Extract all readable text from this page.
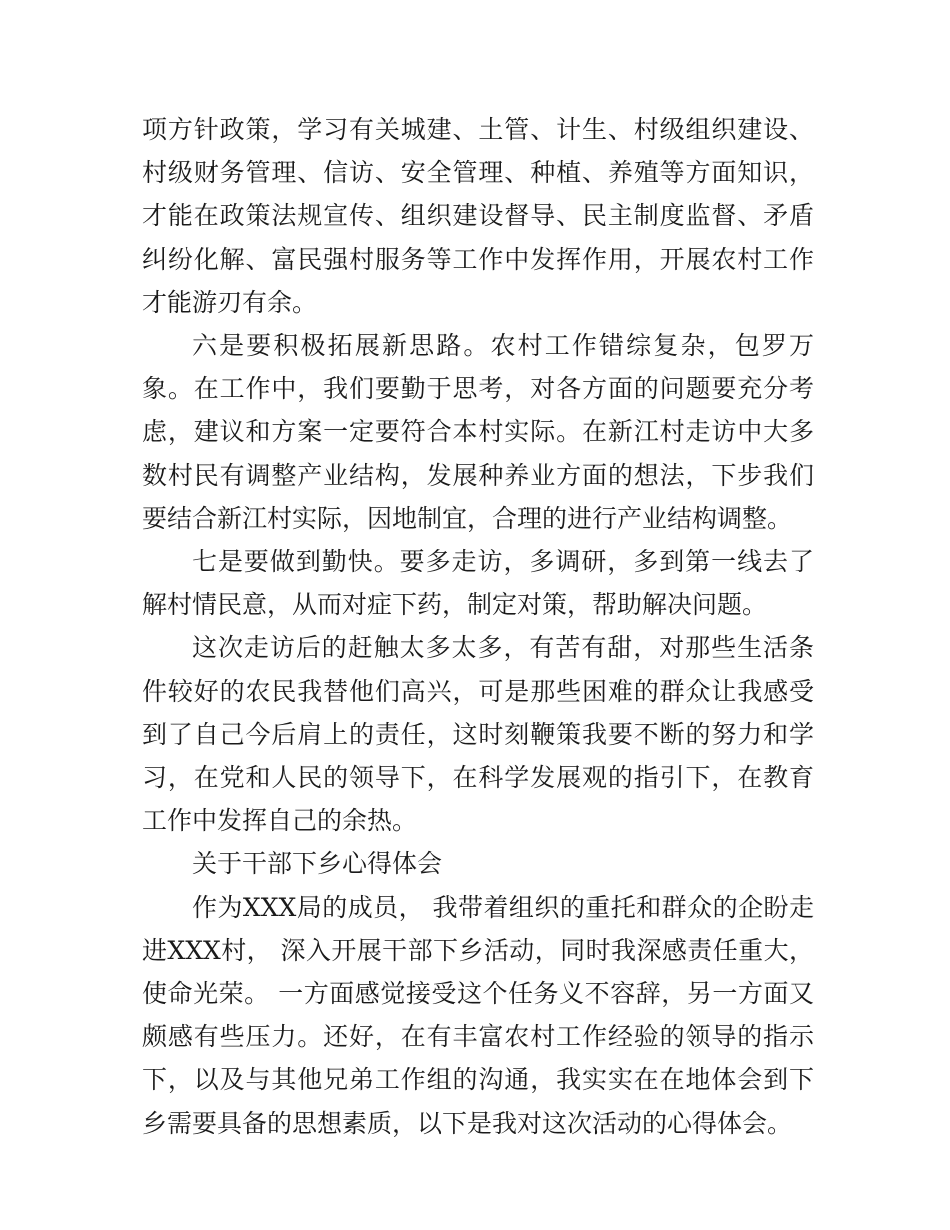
项方针政策，学习有关城建、土管、计生、村级组织建设、村级财务管理、信访、安全管理、种植、养殖等方面知识，才能在政策法规宣传、组织建设督导、民主制度监督、矛盾纠纷化解、富民强村服务等工作中发挥作用，开展农村工作才能游刃有余。

六是要积极拓展新思路。农村工作错综复杂，包罗万象。在工作中，我们要勤于思考，对各方面的问题要充分考虑，建议和方案一定要符合本村实际。在新江村走访中大多数村民有调整产业结构，发展种养业方面的想法，下步我们要结合新江村实际，因地制宜，合理的进行产业结构调整。

七是要做到勤快。要多走访，多调研，多到第一线去了解村情民意，从而对症下药，制定对策，帮助解决问题。

这次走访后的赶触太多太多，有苦有甜，对那些生活条件较好的农民我替他们高兴，可是那些困难的群众让我感受到了自己今后肩上的责任，这时刻鞭策我要不断的努力和学习，在党和人民的领导下，在科学发展观的指引下，在教育工作中发挥自己的余热。

关于干部下乡心得体会

作为XXX局的成员， 我带着组织的重托和群众的企盼走进XXX村， 深入开展干部下乡活动，同时我深感责任重大，使命光荣。 一方面感觉接受这个任务义不容辞，另一方面又颇感有些压力。还好，在有丰富农村工作经验的领导的指示下，以及与其他兄弟工作组的沟通，我实实在在地体会到下乡需要具备的思想素质，以下是我对这次活动的心得体会。
